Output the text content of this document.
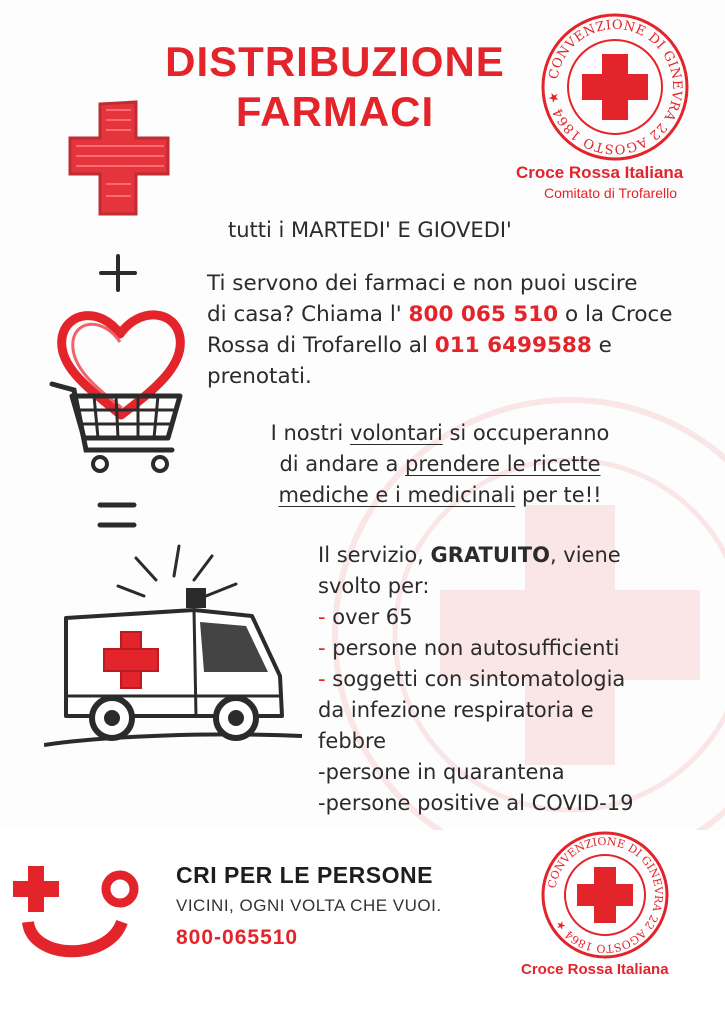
DISTRIBUZIONE
FARMACI
CONVENZIONE DI GINEVRA 22 AGOSTO 1864 ★
Croce Rossa Italiana
Comitato di Trofarello
tutti i MARTEDI' E GIOVEDI'
Ti servono dei farmaci e non puoi uscire
di casa? Chiama l' 800 065 510 o la Croce
Rossa di Trofarello al 011 6499588 e
prenotati.
I nostri volontari si occuperanno
di andare a prendere le ricette
mediche e i medicinali per te!!
Il servizio, GRATUITO, viene
svolto per:
- over 65
- persone non autosufficienti
- soggetti con sintomatologia
da infezione respiratoria e
febbre
-persone in quarantena
-persone positive al COVID-19
CRI PER LE PERSONE
VICINI, OGNI VOLTA CHE VUOI.
800-065510
CONVENZIONE DI GINEVRA 22 AGOSTO 1864 ★
Croce Rossa Italiana
